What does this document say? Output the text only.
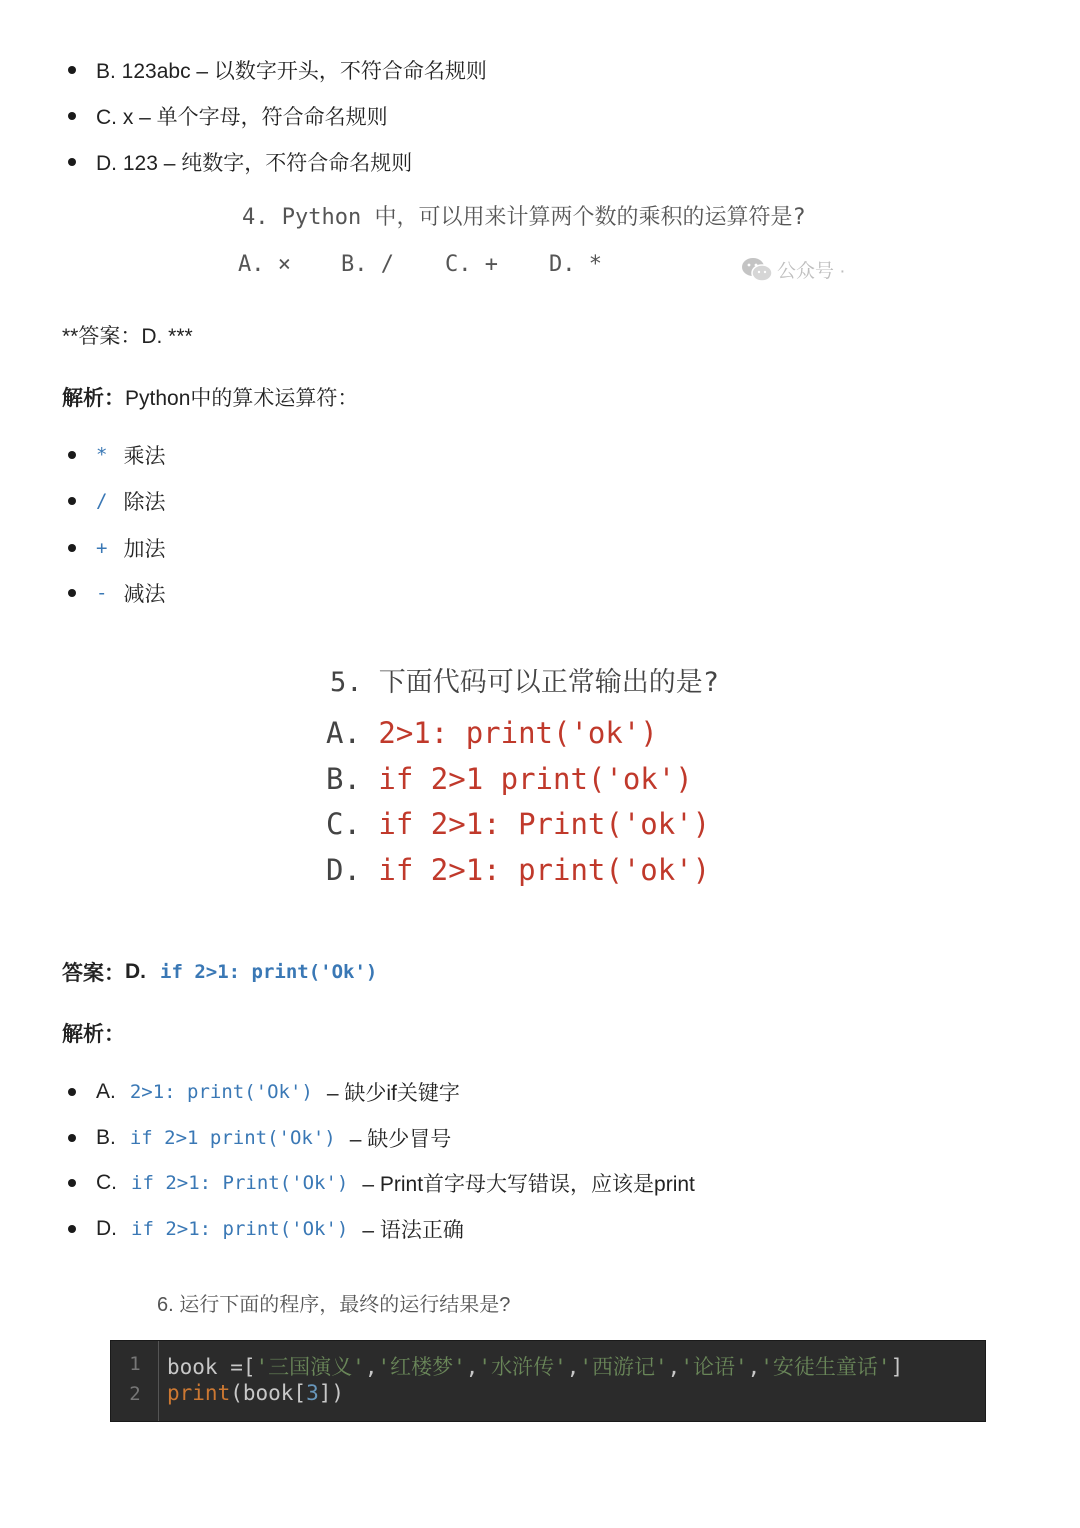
B. 123abc – 以数字开头，不符合命名规则
C. x – 单个字母，符合命名规则
D. 123 – 纯数字，不符合命名规则
4. Python 中，可以用来计算两个数的乘积的运算符是?
A. × B. / C. + D. *	公众号 ·
**答案：D. ***
解析：Python中的算术运算符：
* 乘法
/ 除法
+ 加法
- 减法
5. 下面代码可以正常输出的是?
A. 2>1: print('ok')
B. if 2>1 print('ok')
C. if 2>1: Print('ok')
D. if 2>1: print('ok')
答案： D. if 2>1: print('Ok')
解析：
A. 2>1: print('Ok') – 缺少if关键字
B. if 2>1 print('Ok') – 缺少冒号
C. if 2>1: Print('Ok') – Print首字母大写错误，应该是print
D. if 2>1: print('Ok') – 语法正确
6. 运行下面的程序，最终的运行结果是?
1
2
book =['三国演义','红楼梦','水浒传','西游记','论语','安徒生童话']
print(book[3])
